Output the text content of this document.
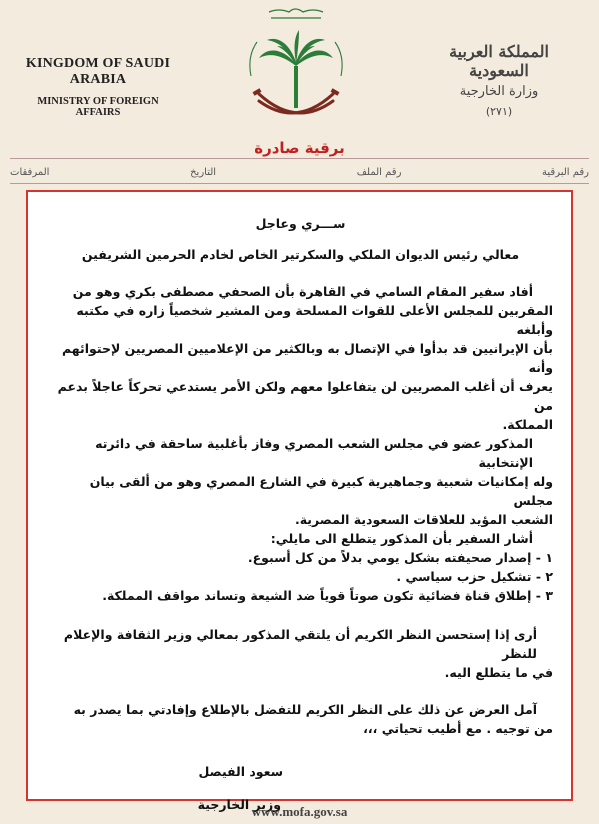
KINGDOM OF SAUDI ARABIA
MINISTRY OF FOREIGN AFFAIRS
المملكة العربية السعودية
وزارة الخارجية
(٢٧١)
برقية صادرة
رقم البرقية
رقم الملف
التاريخ
المرفقات

ســـري وعاجل

معالي رئيس الديوان الملكي والسكرتير الخاص لخادم الحرمين الشريفين

أفاد سفير المقام السامي في القاهرة بأن الصحفي مصطفى بكري وهو من

المقربين للمجلس الأعلى للقوات المسلحة ومن المشير شخصياً زاره في مكتبه وأبلغه

بأن الإيرانيين قد بدأوا في الإتصال به وبالكثير من الإعلاميين المصريين لإحتوائهم وأنه

يعرف أن أغلب المصريين لن يتفاعلوا معهم ولكن الأمر يستدعي تحركاً عاجلاً بدعم من

المملكة.

المذكور عضو في مجلس الشعب المصري وفاز بأغلبية ساحقة في دائرته الإنتخابية

وله إمكانيات شعبية وجماهيرية كبيرة في الشارع المصري وهو من ألقى بيان مجلس

الشعب المؤيد للعلاقات السعودية المصرية.

أشار السفير بأن المذكور يتطلع الى مايلي:

١ - إصدار صحيفته بشكل يومي بدلاً من كل أسبوع.

٢ - تشكيل حزب سياسي .

٣ - إطلاق قناة فضائية تكون صوتاً قوياً ضد الشيعة وتساند مواقف المملكة.

أرى إذا إستحسن النظر الكريم أن يلتقي المذكور بمعالي وزير الثقافة والإعلام للنظر

في ما يتطلع اليه.

آمل العرض عن ذلك على النظر الكريم للتفضل بالإطلاع وإفادتي بما يصدر به

من توجيه . مع أطيب تحياتي ،،،

سعود الفيصل

وزير الخارجية

www.mofa.gov.sa
